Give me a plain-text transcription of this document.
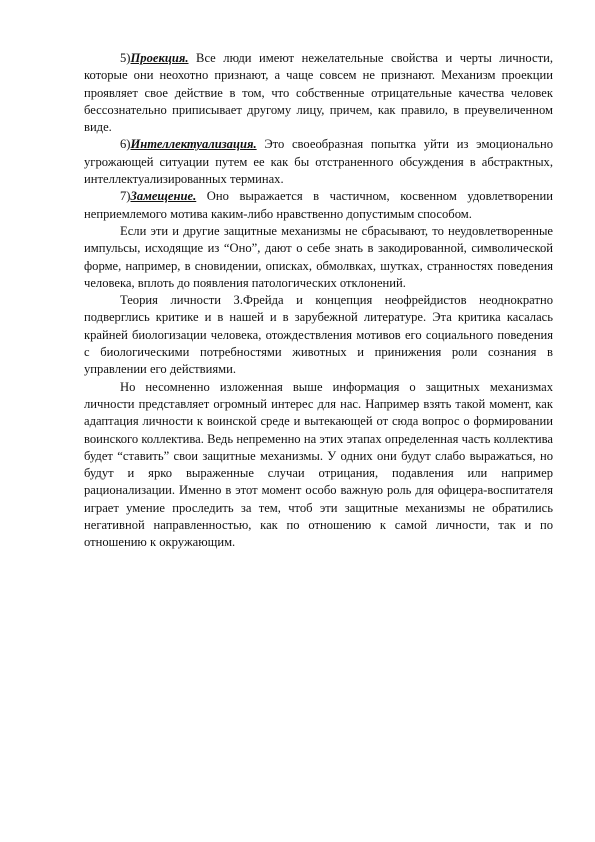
5)Проекция. Все люди имеют нежелательные свойства и черты личности, которые они неохотно признают, а чаще совсем не признают. Механизм проекции проявляет свое действие в том, что собственные отрицательные качества человек бессознательно приписывает другому лицу, причем, как правило, в преувеличенном виде.

6)Интеллектуализация. Это своеобразная попытка уйти из эмоционально угрожающей ситуации путем ее как бы отстраненного обсуждения в абстрактных, интеллектуализированных терминах.

7)Замещение. Оно выражается в частичном, косвенном удовлетворении неприемлемого мотива каким-либо нравственно допустимым способом.

Если эти и другие защитные механизмы не сбрасывают, то неудовлетворенные импульсы, исходящие из “Оно”, дают о себе знать в закодированной, символической форме, например, в сновидении, описках, обмолвках, шутках, странностях поведения человека, вплоть до появления патологических отклонений.

Теория личности З.Фрейда и концепция неофрейдистов неоднократно подверглись критике и в нашей и в зарубежной литературе. Эта критика касалась крайней биологизации человека, отождествления мотивов его социального поведения с биологическими потребностями животных и принижения роли сознания в управлении его действиями.

Но несомненно изложенная выше информация о защитных механизмах личности представляет огромный интерес для нас. Например взять такой момент, как адаптация личности к воинской среде и вытекающей от сюда вопрос о формировании воинского коллектива. Ведь непременно на этих этапах определенная часть коллектива будет “ставить” свои защитные механизмы. У одних они будут слабо выражаться, но будут и ярко выраженные случаи отрицания, подавления или например рационализации. Именно в этот момент особо важную роль для офицера-воспитателя играет умение проследить за тем, чтоб эти защитные механизмы не обратились негативной направленностью, как по отношению к самой личности, так и по отношению к окружающим.
